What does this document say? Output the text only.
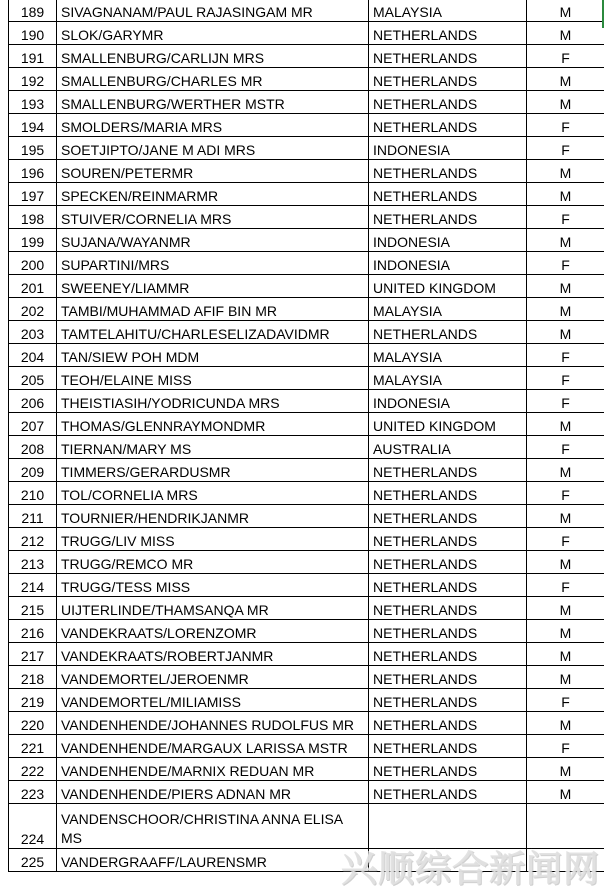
189	SIVAGNANAM/PAUL RAJASINGAM MR	MALAYSIA	M
190	SLOK/GARYMR	NETHERLANDS	M
191	SMALLENBURG/CARLIJN MRS	NETHERLANDS	F
192	SMALLENBURG/CHARLES MR	NETHERLANDS	M
193	SMALLENBURG/WERTHER MSTR	NETHERLANDS	M
194	SMOLDERS/MARIA MRS	NETHERLANDS	F
195	SOETJIPTO/JANE M ADI MRS	INDONESIA	F
196	SOUREN/PETERMR	NETHERLANDS	M
197	SPECKEN/REINMARMR	NETHERLANDS	M
198	STUIVER/CORNELIA MRS	NETHERLANDS	F
199	SUJANA/WAYANMR	INDONESIA	M
200	SUPARTINI/MRS	INDONESIA	F
201	SWEENEY/LIAMMR	UNITED KINGDOM	M
202	TAMBI/MUHAMMAD AFIF BIN MR	MALAYSIA	M
203	TAMTELAHITU/CHARLESELIZADAVIDMR	NETHERLANDS	M
204	TAN/SIEW POH MDM	MALAYSIA	F
205	TEOH/ELAINE MISS	MALAYSIA	F
206	THEISTIASIH/YODRICUNDA MRS	INDONESIA	F
207	THOMAS/GLENNRAYMONDMR	UNITED KINGDOM	M
208	TIERNAN/MARY MS	AUSTRALIA	F
209	TIMMERS/GERARDUSMR	NETHERLANDS	M
210	TOL/CORNELIA MRS	NETHERLANDS	F
211	TOURNIER/HENDRIKJANMR	NETHERLANDS	M
212	TRUGG/LIV MISS	NETHERLANDS	F
213	TRUGG/REMCO MR	NETHERLANDS	M
214	TRUGG/TESS MISS	NETHERLANDS	F
215	UIJTERLINDE/THAMSANQA MR	NETHERLANDS	M
216	VANDEKRAATS/LORENZOMR	NETHERLANDS	M
217	VANDEKRAATS/ROBERTJANMR	NETHERLANDS	M
218	VANDEMORTEL/JEROENMR	NETHERLANDS	M
219	VANDEMORTEL/MILIAMISS	NETHERLANDS	F
220	VANDENHENDE/JOHANNES RUDOLFUS MR	NETHERLANDS	M
221	VANDENHENDE/MARGAUX LARISSA MSTR	NETHERLANDS	F
222	VANDENHENDE/MARNIX REDUAN MR	NETHERLANDS	M
223	VANDENHENDE/PIERS ADNAN MR	NETHERLANDS	M
224	VANDENSCHOOR/CHRISTINA ANNA ELISA
MS		
225	VANDERGRAAFF/LAURENSMR		兴顺综合新闻网
